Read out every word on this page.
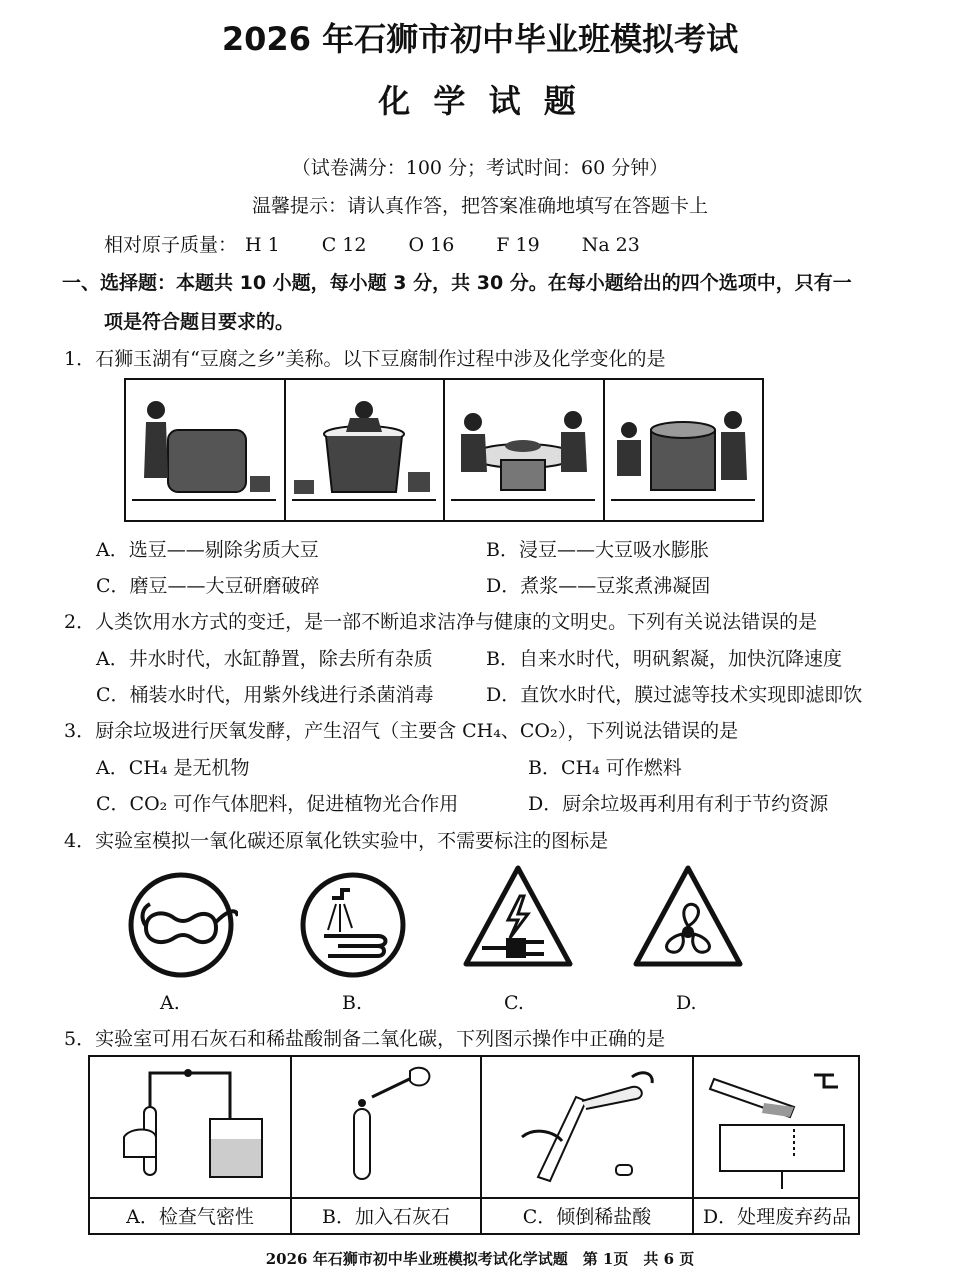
2026 年石狮市初中毕业班模拟考试
化 学 试 题
（试卷满分：100 分；考试时间：60 分钟）
温馨提示：请认真作答，把答案准确地填写在答题卡上
相对原子质量： H 1 C 12 O 16 F 19 Na 23
一、选择题：本题共 10 小题，每小题 3 分，共 30 分。在每小题给出的四个选项中，只有一
项是符合题目要求的。
1．石狮玉湖有“豆腐之乡”美称。以下豆腐制作过程中涉及化学变化的是
A．选豆——剔除劣质大豆	B．浸豆——大豆吸水膨胀
C．磨豆——大豆研磨破碎	D．煮浆——豆浆煮沸凝固
2．人类饮用水方式的变迁，是一部不断追求洁净与健康的文明史。下列有关说法错误的是
A．井水时代，水缸静置，除去所有杂质	B．自来水时代，明矾絮凝，加快沉降速度
C．桶装水时代，用紫外线进行杀菌消毒	D．直饮水时代，膜过滤等技术实现即滤即饮
3．厨余垃圾进行厌氧发酵，产生沼气（主要含 CH₄、CO₂），下列说法错误的是
A．CH₄ 是无机物	B．CH₄ 可作燃料
C．CO₂ 可作气体肥料，促进植物光合作用	D．厨余垃圾再利用有利于节约资源
4．实验室模拟一氧化碳还原氧化铁实验中，不需要标注的图标是
A.	B.	C.	D.
5．实验室可用石灰石和稀盐酸制备二氧化碳，下列图示操作中正确的是
A．检查气密性	B．加入石灰石	C．倾倒稀盐酸	D．处理废弃药品
2026 年石狮市初中毕业班模拟考试化学试题　第 1页　共 6 页
